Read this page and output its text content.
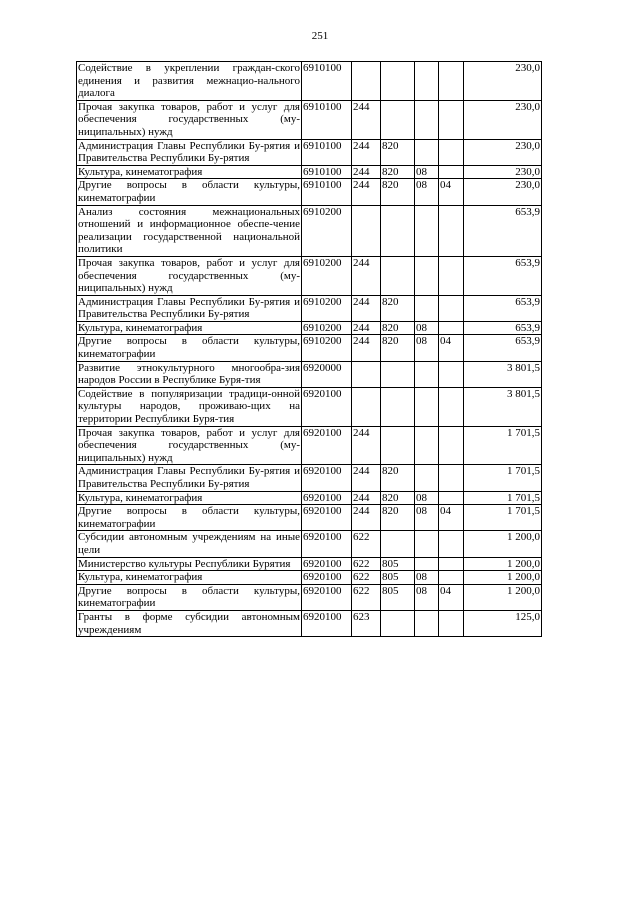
251
Содействие в укреплении граждан-ского единения и развития межнацио-нального диалога	6910100					230,0
Прочая закупка товаров, работ и услуг для обеспечения государственных (му-ниципальных) нужд	6910100	244				230,0
Администрация Главы Республики Бу-рятия и Правительства Республики Бу-рятия	6910100	244	820			230,0
Культура, кинематография	6910100	244	820	08		230,0
Другие вопросы в области культуры, кинематографии	6910100	244	820	08	04	230,0
Анализ состояния межнациональных отношений и информационное обеспе-чение реализации государственной национальной политики	6910200					653,9
Прочая закупка товаров, работ и услуг для обеспечения государственных (му-ниципальных) нужд	6910200	244				653,9
Администрация Главы Республики Бу-рятия и Правительства Республики Бу-рятия	6910200	244	820			653,9
Культура, кинематография	6910200	244	820	08		653,9
Другие вопросы в области культуры, кинематографии	6910200	244	820	08	04	653,9
Развитие этнокультурного многообра-зия народов России в Республике Буря-тия	6920000					3 801,5
Содействие в популяризации традици-онной культуры народов, проживаю-щих на территории Республики Буря-тия	6920100					3 801,5
Прочая закупка товаров, работ и услуг для обеспечения государственных (му-ниципальных) нужд	6920100	244				1 701,5
Администрация Главы Республики Бу-рятия и Правительства Республики Бу-рятия	6920100	244	820			1 701,5
Культура, кинематография	6920100	244	820	08		1 701,5
Другие вопросы в области культуры, кинематографии	6920100	244	820	08	04	1 701,5
Субсидии автономным учреждениям на иные цели	6920100	622				1 200,0
Министерство культуры Республики Бурятия	6920100	622	805			1 200,0
Культура, кинематография	6920100	622	805	08		1 200,0
Другие вопросы в области культуры, кинематографии	6920100	622	805	08	04	1 200,0
Гранты в форме субсидии автономным учреждениям	6920100	623				125,0
